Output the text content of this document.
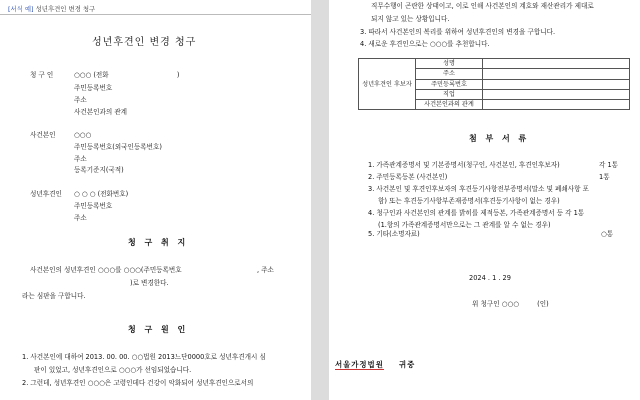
[서식 예] 성년후견인 변경 청구
성년후견인 변경 청구
청 구 인	○○○ (전화	)
주민등록번호
주소
사건본인과의 관계
사건본인	○○○
주민등록번호(외국인등록번호)
주소
등록기준지(국적)
성년후견인 ○ ○ ○ (전화번호)
주민등록번호
주소
청 구 취 지
사건본인의 성년후견인 ○○○를 ○○○(주민등록번호	, 주소
)로 변경한다.
라는 심판을 구합니다.
청 구 원 인
1. 사건본인에 대하여 2013. 00. 00. ○○법원 2013느단0000호로 성년후견개시 심
판이 있었고, 성년후견인으로 ○○○가 선임되었습니다.
2. 그런데, 성년후견인 ○○○은 고령인데다 건강이 악화되어 성년후견인으로서의
직무수행이 곤란한 상태이고, 이로 인해 사건본인의 계호와 재산관리가 제대로
되지 않고 있는 상황입니다.
3. 따라서 사건본인의 복리를 위하여 성년후견인의 변경을 구합니다.
4. 새로운 후견인으로는 ○○○를 추천합니다.
첨 부 서 류
1. 가족관계증명서 및 기본증명서(청구인, 사건본인, 후견인후보자)	각 1통
2. 주민등록등본 (사건본인)	1통
3. 사건본인 및 후견인후보자의 후견등기사항전부증명서(말소 및 폐쇄사항 포
함) 또는 후견등기사항부존재증명서(후견등기사항이 없는 경우)
4. 청구인과 사건본인의 관계를 밝히를 제적등본, 가족관계증명서 등 각 1통
(1.항의 가족관계증명서만으로는 그 관계를 알 수 없는 경우)
5. 기타(소명자료)	○통
2024 . 1 . 29
위 청구인 ○○○	(인)
성년후견인 후보자	성명	
	주소	
	주민등록번호	
	직업	
	사건본인과의 관계	
서울가정법원 귀중
